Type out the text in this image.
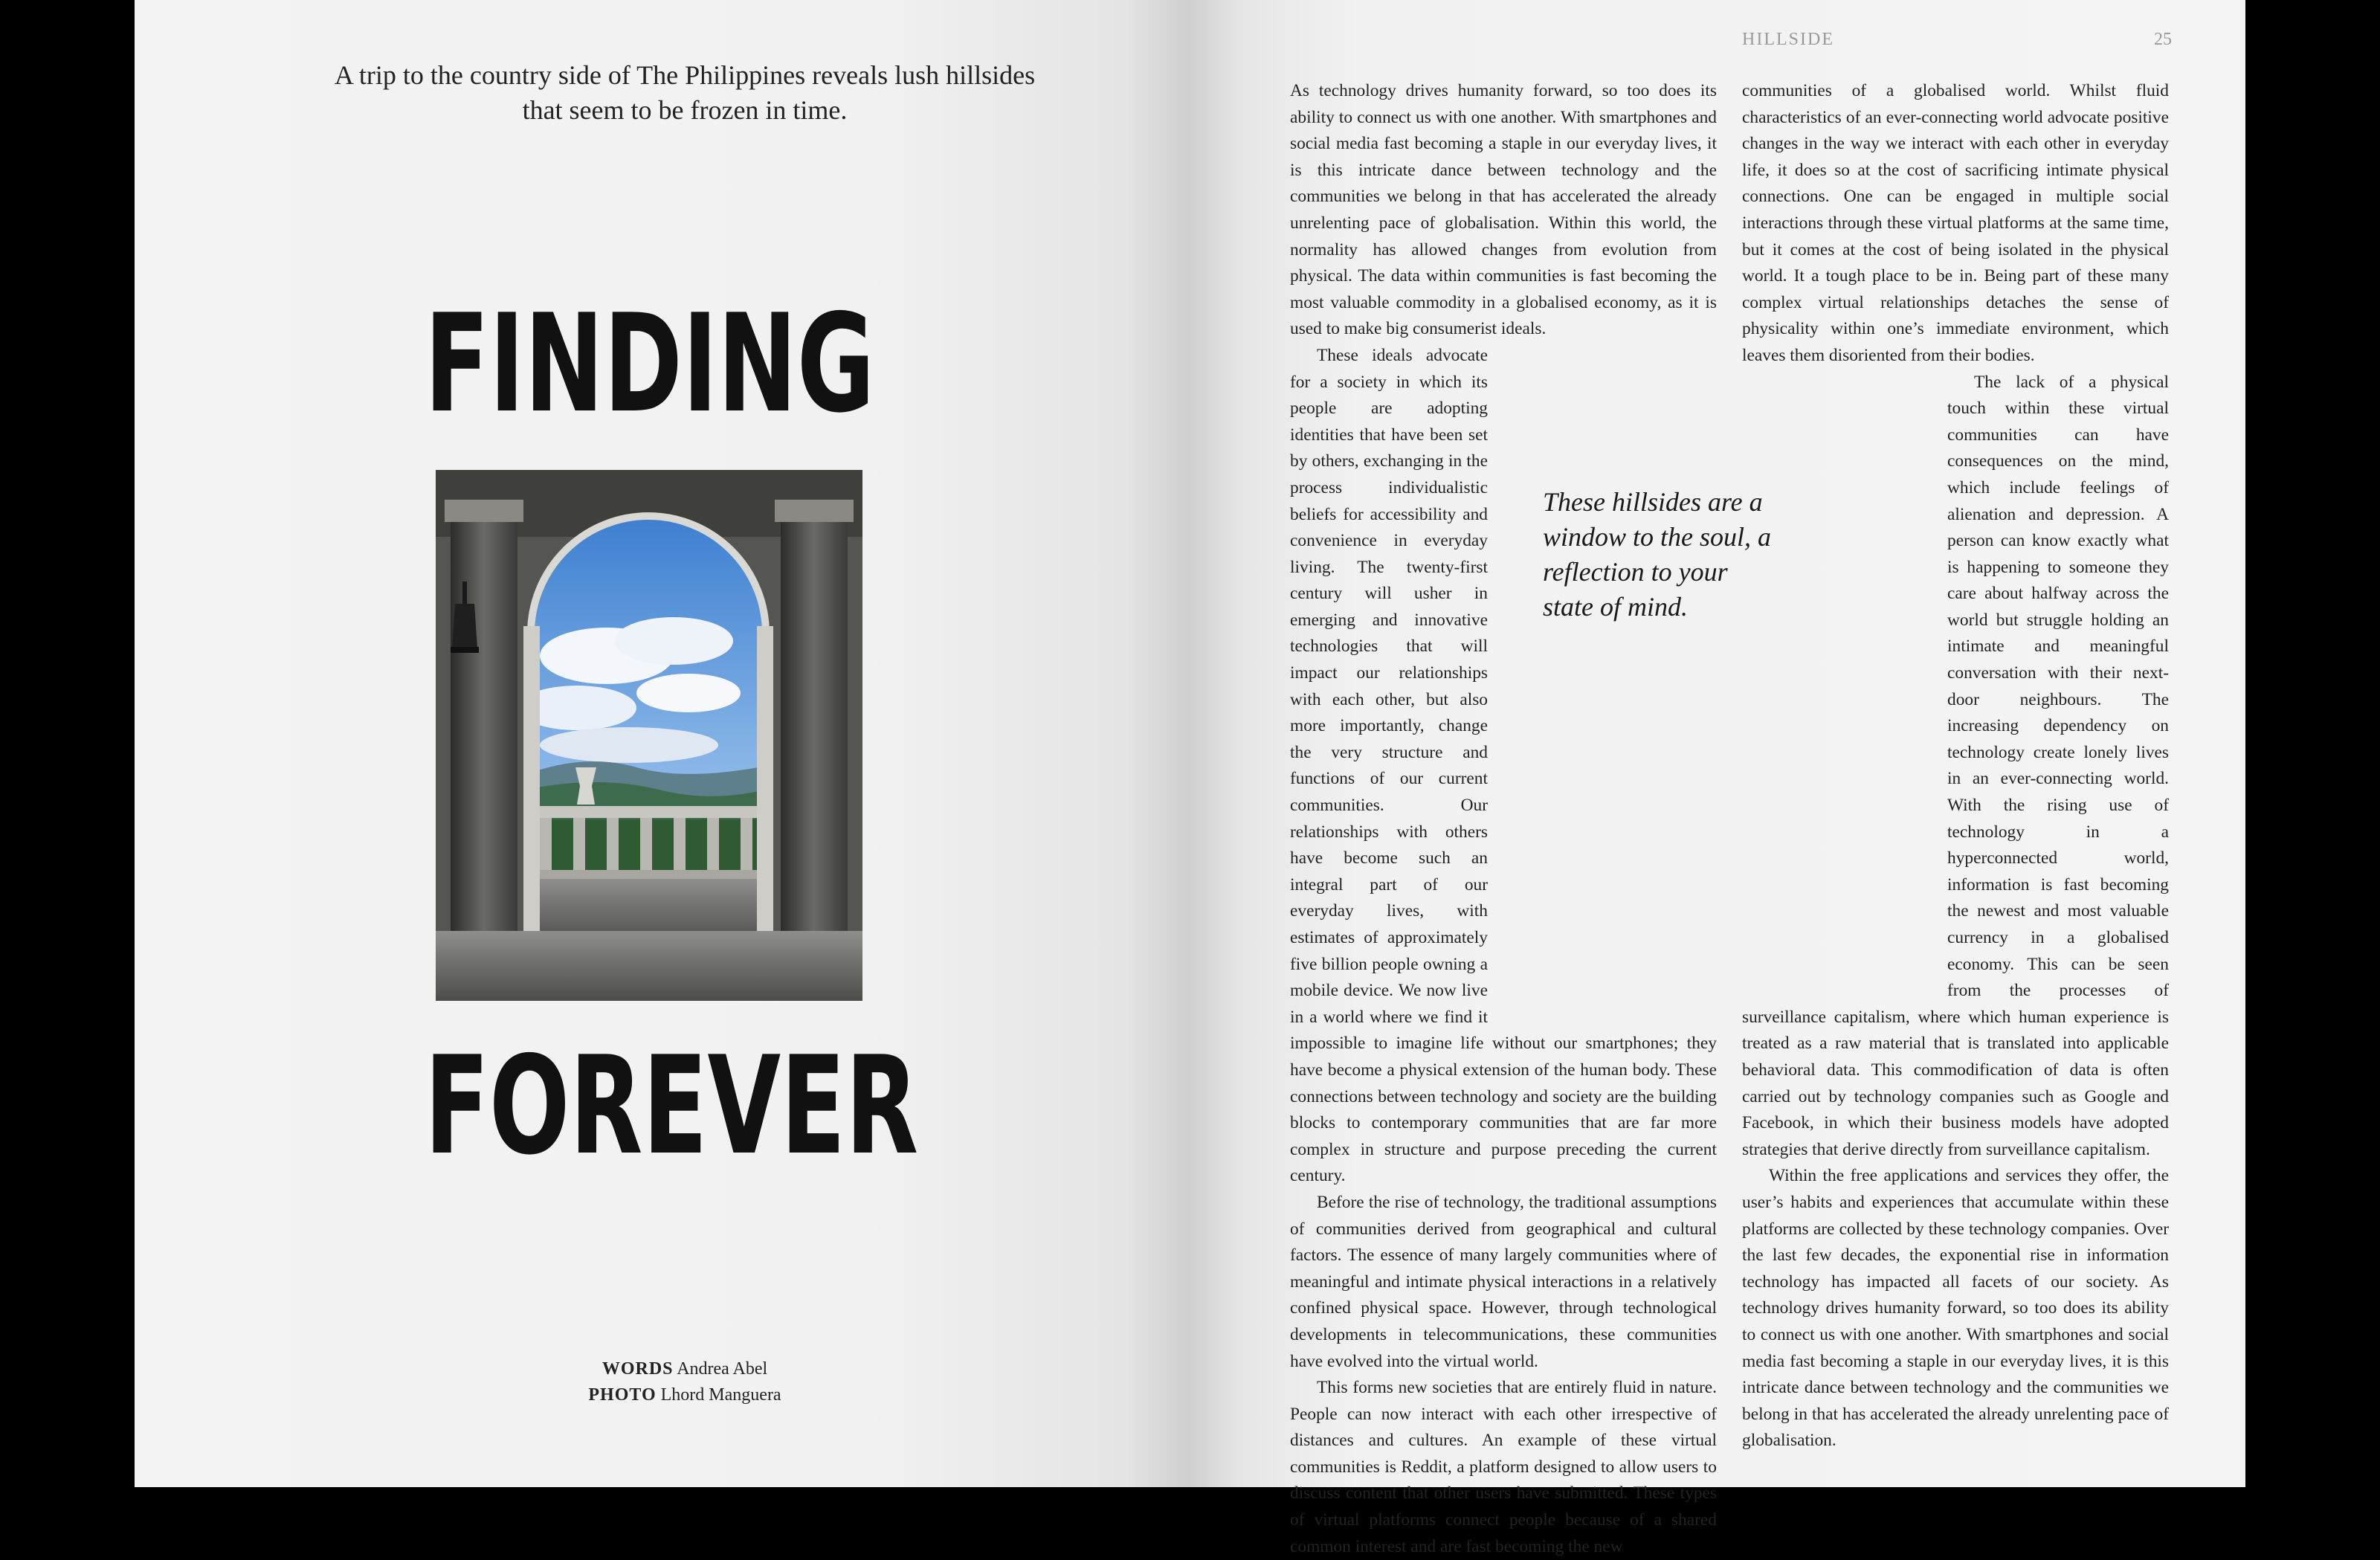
A trip to the country side of The Philippines reveals lush hillsides that seem to be frozen in time.

F I N D I N G
F O R E V E R
WORDS Andrea Abel
PHOTO Lhord Manguera
HILLSIDE	25

As technology drives humanity forward, so too does its ability to connect us with one another. With smartphones and social media fast becoming a staple in our everyday lives, it is this intricate dance between technology and the communities we belong in that has accelerated the already unrelenting pace of globalisation. Within this world, the normality has allowed changes from evolution from physical. The data within communities is fast becoming the most valuable commodity in a globalised economy, as it is used to make big consumerist ideals.

These ideals advocate for a society in which its people are adopting identities that have been set by others, exchanging in the process individualistic beliefs for accessibility and convenience in everyday living. The twenty-first century will usher in emerging and innovative technologies that will impact our relationships with each other, but also more importantly, change the very structure and functions of our current communities. Our relationships with others have become such an integral part of our everyday lives, with estimates of approximately five billion people owning a mobile device. We now live in a world where we find it impossible to imagine life without our smartphones; they have become a physical extension of the human body. These connections between technology and society are the building blocks to contemporary communities that are far more complex in structure and purpose preceding the current century.

Before the rise of technology, the traditional assumptions of communities derived from geographical and cultural factors. The essence of many largely communities where of meaningful and intimate physical interactions in a relatively confined physical space. However, through technological developments in telecommunications, these communities have evolved into the virtual world.

This forms new societies that are entirely fluid in nature. People can now interact with each other irrespective of distances and cultures. An example of these virtual communities is Reddit, a platform designed to allow users to discuss content that other users have submitted. These types of virtual platforms connect people because of a shared common interest and are fast becoming the new

These hillsides are a window to the soul, a reflection to your state of mind.

communities of a globalised world. Whilst fluid characteristics of an ever-connecting world advocate positive changes in the way we interact with each other in everyday life, it does so at the cost of sacrificing intimate physical connections. One can be engaged in multiple social interactions through these virtual platforms at the same time, but it comes at the cost of being isolated in the physical world. It a tough place to be in. Being part of these many complex virtual relationships detaches the sense of physicality within one’s immediate environment, which leaves them disoriented from their bodies.

The lack of a physical touch within these virtual communities can have consequences on the mind, which include feelings of alienation and depression. A person can know exactly what is happening to someone they care about halfway across the world but struggle holding an intimate and meaningful conversation with their next-door neighbours. The increasing dependency on technology create lonely lives in an ever-connecting world. With the rising use of technology in a hyperconnected world, information is fast becoming the newest and most valuable currency in a globalised economy. This can be seen from the processes of surveillance capitalism, where which human experience is treated as a raw material that is translated into applicable behavioral data. This commodification of data is often carried out by technology companies such as Google and Facebook, in which their business models have adopted strategies that derive directly from surveillance capitalism.

Within the free applications and services they offer, the user’s habits and experiences that accumulate within these platforms are collected by these technology companies. Over the last few decades, the exponential rise in information technology has impacted all facets of our society. As technology drives humanity forward, so too does its ability to connect us with one another. With smartphones and social media fast becoming a staple in our everyday lives, it is this intricate dance between technology and the communities we belong in that has accelerated the already unrelenting pace of globalisation.
